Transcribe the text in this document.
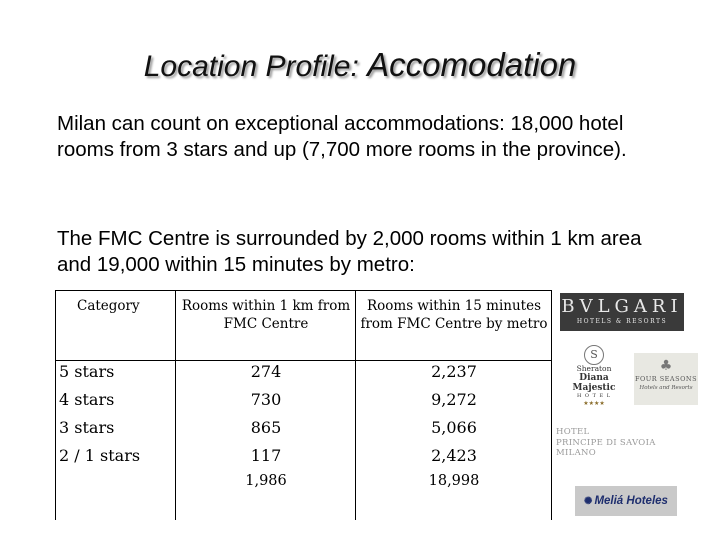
Location Profile: Accomodation
Milan can count on exceptional accommodations: 18,000 hotel rooms from 3 stars and up (7,700 more rooms in the province).
The FMC Centre is surrounded by 2,000 rooms within 1 km area and 19,000 within 15 minutes by metro:
Category	Rooms within 1 km from FMC Centre	Rooms within 15 minutes from FMC Centre by metro
5 stars	274	2,237
4 stars	730	9,272
3 stars	865	5,066
2 / 1 stars	117	2,423
	1,986	18,998
BVLGARI
HOTELS & RESORTS
S
Sheraton
Diana Majestic
H O T E L
★★★★
♣
FOUR SEASONS
Hotels and Resorts
HOTEL
PRINCIPE DI SAVOIA
MILANO
✺ Meliá Hoteles
